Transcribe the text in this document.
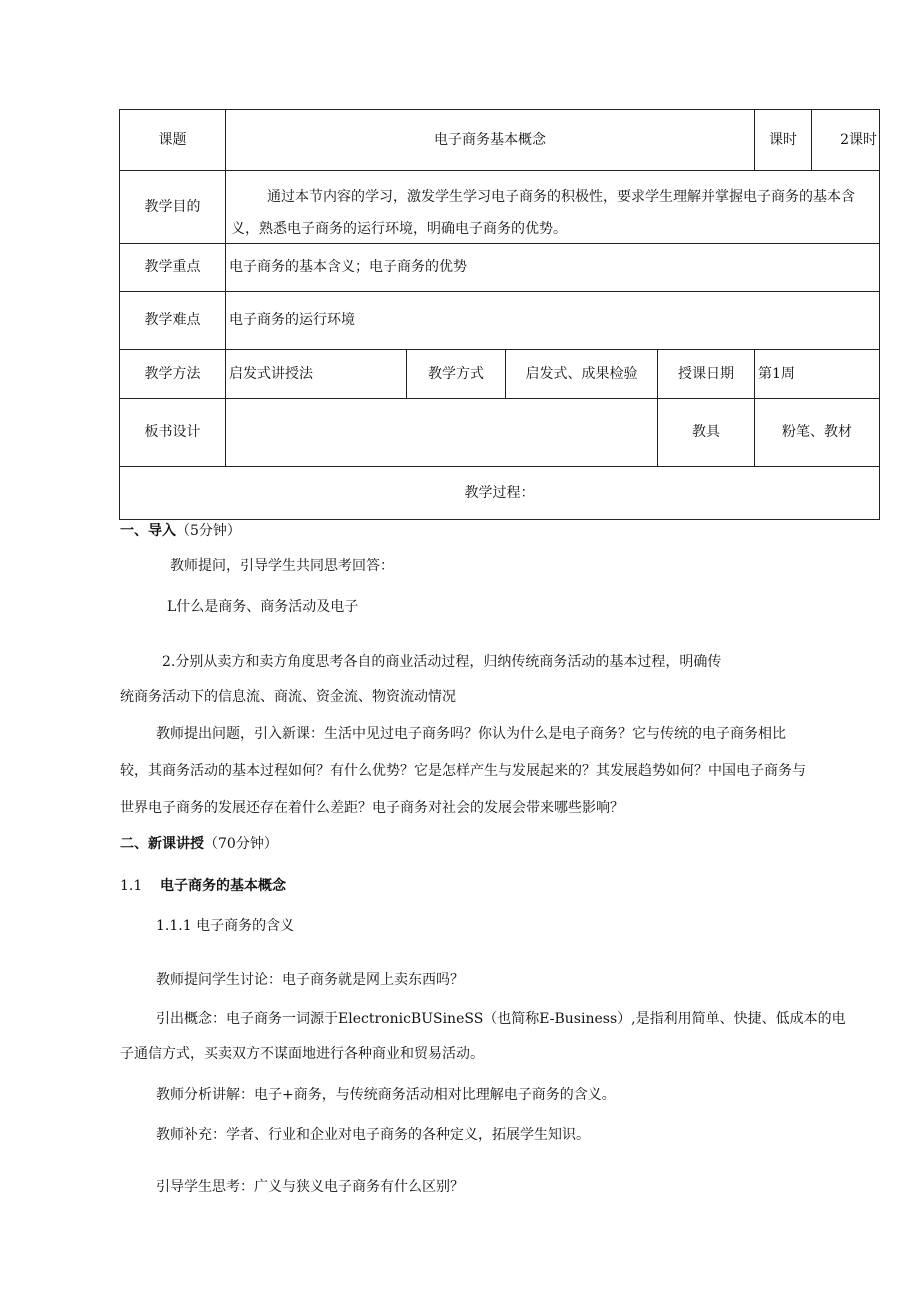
课题	电子商务基本概念	课时	2课时
教学目的
通过本节内容的学习，激发学生学习电子商务的积极性，要求学生理解并掌握电子商务的基本含义，熟悉电子商务的运行环境，明确电子商务的优势。
教学重点 电子商务的基本含义；电子商务的优势
教学难点 电子商务的运行环境
教学方法 启发式讲授法	教学方式	启发式、成果检验	授课日期 第1周
板书设计	教具	粉笔、教材
教学过程：
一、导入（5分钟）
教师提问，引导学生共同思考回答：
L什么是商务、商务活动及电子
2.分别从卖方和卖方角度思考各自的商业活动过程，归纳传统商务活动的基本过程，明确传
统商务活动下的信息流、商流、资金流、物资流动情况
教师提出问题，引入新课：生活中见过电子商务吗？你认为什么是电子商务？它与传统的电子商务相比
较，其商务活动的基本过程如何？有什么优势？它是怎样产生与发展起来的？其发展趋势如何？中国电子商务与
世界电子商务的发展还存在着什么差距？电子商务对社会的发展会带来哪些影响？
二、新课讲授（70分钟）
1.1 电子商务的基本概念
1.1.1 电子商务的含义
教师提问学生讨论：电子商务就是网上卖东西吗？
引出概念：电子商务一词源于ElectronicBUSineSS（也简称E-Business）,是指利用简单、快捷、低成本的电
子通信方式，买卖双方不谋面地进行各种商业和贸易活动。
教师分析讲解：电子+商务，与传统商务活动相对比理解电子商务的含义。
教师补充：学者、行业和企业对电子商务的各种定义，拓展学生知识。
引导学生思考：广义与狭义电子商务有什么区别？
